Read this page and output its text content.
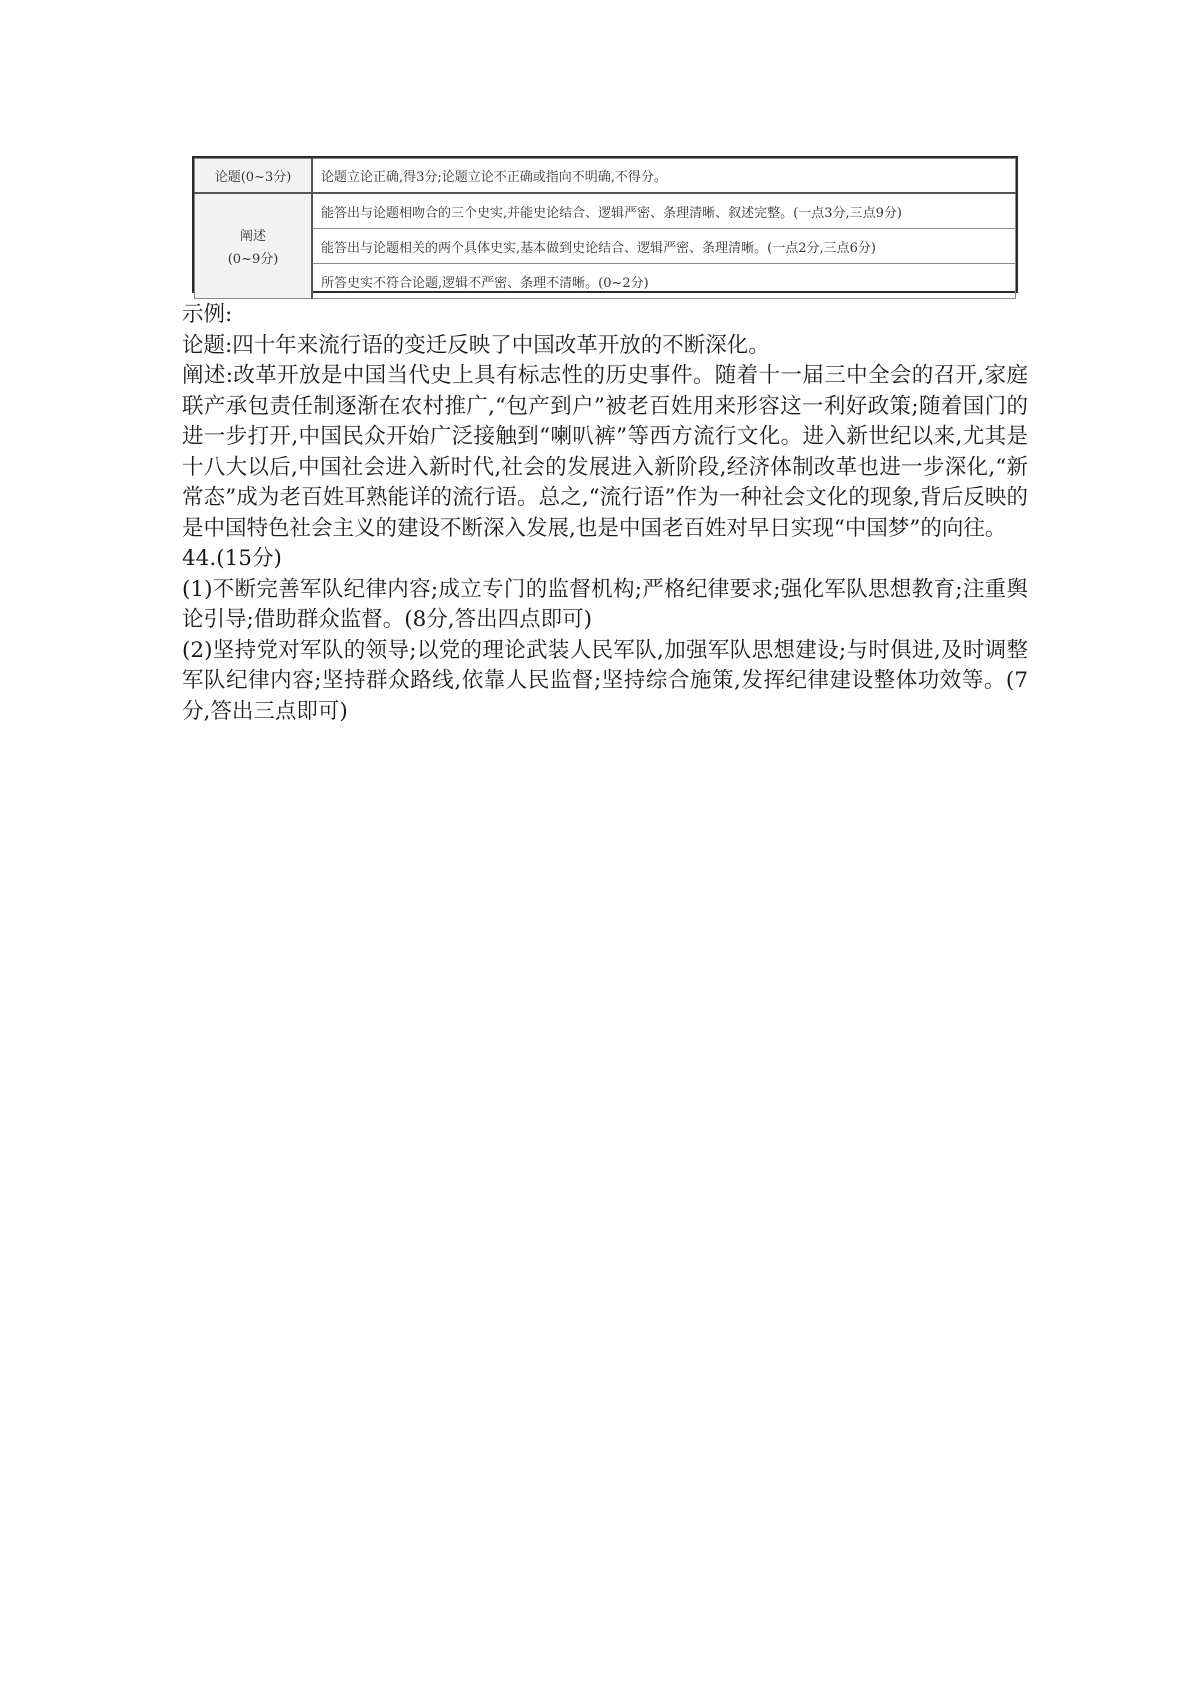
论题(0~3分)	论题立论正确,得3分;论题立论不正确或指向不明确,不得分。
阐述
(0~9分)	能答出与论题相吻合的三个史实,并能史论结合、逻辑严密、条理清晰、叙述完整。(一点3分,三点9分)
	能答出与论题相关的两个具体史实,基本做到史论结合、逻辑严密、条理清晰。(一点2分,三点6分)
	所答史实不符合论题,逻辑不严密、条理不清晰。(0~2分)

示例:

论题:四十年来流行语的变迁反映了中国改革开放的不断深化。

阐述:改革开放是中国当代史上具有标志性的历史事件。随着十一届三中全会的召开,家庭联产承包责任制逐渐在农村推广,“包产到户”被老百姓用来形容这一利好政策;随着国门的进一步打开,中国民众开始广泛接触到“喇叭裤”等西方流行文化。进入新世纪以来,尤其是十八大以后,中国社会进入新时代,社会的发展进入新阶段,经济体制改革也进一步深化,“新常态”成为老百姓耳熟能详的流行语。总之,“流行语”作为一种社会文化的现象,背后反映的是中国特色社会主义的建设不断深入发展,也是中国老百姓对早日实现“中国梦”的向往。

44.(15分)

(1)不断完善军队纪律内容;成立专门的监督机构;严格纪律要求;强化军队思想教育;注重舆论引导;借助群众监督。(8分,答出四点即可)

(2)坚持党对军队的领导;以党的理论武装人民军队,加强军队思想建设;与时俱进,及时调整军队纪律内容;坚持群众路线,依靠人民监督;坚持综合施策,发挥纪律建设整体功效等。(7分,答出三点即可)
